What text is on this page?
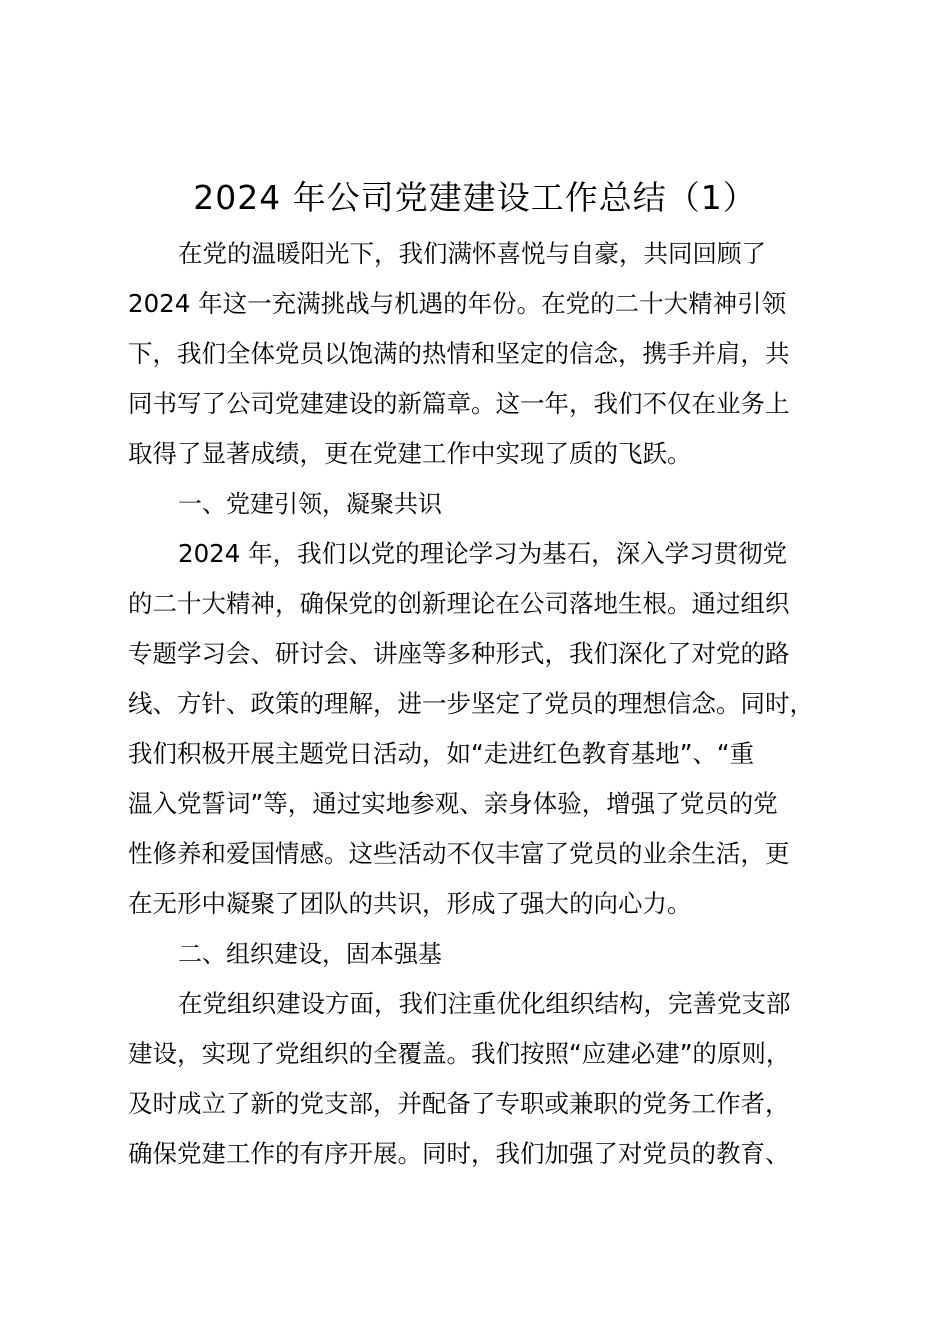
2024 年公司党建建设工作总结（1）
在党的温暖阳光下，我们满怀喜悦与自豪，共同回顾了
2024 年这一充满挑战与机遇的年份。在党的二十大精神引领
下，我们全体党员以饱满的热情和坚定的信念，携手并肩，共
同书写了公司党建建设的新篇章。这一年，我们不仅在业务上
取得了显著成绩，更在党建工作中实现了质的飞跃。
一、党建引领，凝聚共识
2024 年，我们以党的理论学习为基石，深入学习贯彻党
的二十大精神，确保党的创新理论在公司落地生根。通过组织
专题学习会、研讨会、讲座等多种形式，我们深化了对党的路
线、方针、政策的理解，进一步坚定了党员的理想信念。同时，
我们积极开展主题党日活动，如“走进红色教育基地”、“重
温入党誓词”等，通过实地参观、亲身体验，增强了党员的党
性修养和爱国情感。这些活动不仅丰富了党员的业余生活，更
在无形中凝聚了团队的共识，形成了强大的向心力。
二、组织建设，固本强基
在党组织建设方面，我们注重优化组织结构，完善党支部
建设，实现了党组织的全覆盖。我们按照“应建必建”的原则，
及时成立了新的党支部，并配备了专职或兼职的党务工作者，
确保党建工作的有序开展。同时，我们加强了对党员的教育、
